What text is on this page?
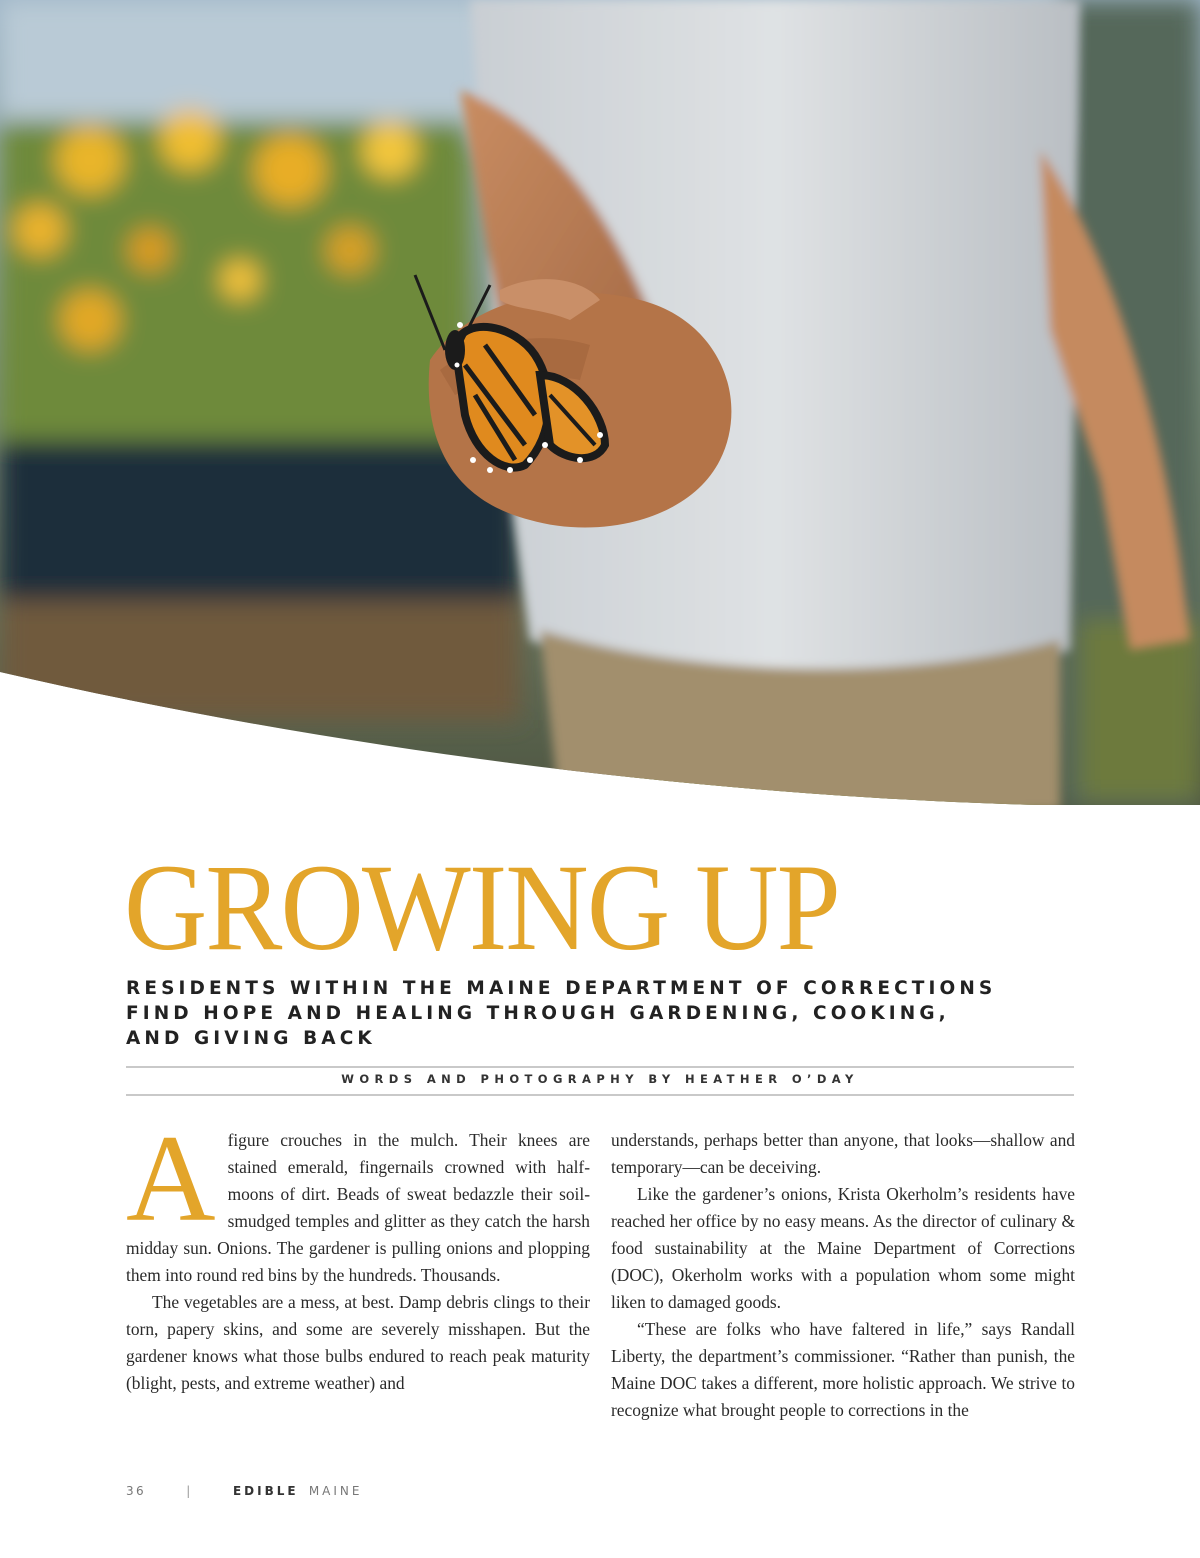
GROWING UP
RESIDENTS WITHIN THE MAINE DEPARTMENT OF CORRECTIONS
FIND HOPE AND HEALING THROUGH GARDENING, COOKING,
AND GIVING BACK
WORDS AND PHOTOGRAPHY BY HEATHER O’DAY

Afigure crouches in the mulch. Their knees are stained emerald, fingernails crowned with half-moons of dirt. Beads of sweat bedazzle their soil-smudged temples and glitter as they catch the harsh midday sun. Onions. The gardener is pulling onions and plopping them into round red bins by the hundreds. Thousands.

The vegetables are a mess, at best. Damp debris clings to their torn, papery skins, and some are severely misshapen. But the gardener knows what those bulbs endured to reach peak maturity (blight, pests, and extreme weather) and

understands, perhaps better than anyone, that looks—shallow and temporary—can be deceiving.

Like the gardener’s onions, Krista Okerholm’s residents have reached her office by no easy means. As the director of culinary & food sustainability at the Maine Department of Corrections (DOC), Okerholm works with a population whom some might liken to damaged goods.

“These are folks who have faltered in life,” says Randall Liberty, the department’s commissioner. “Rather than punish, the Maine DOC takes a different, more holistic approach. We strive to recognize what brought people to corrections in the

36	|	EDIBLE MAINE
